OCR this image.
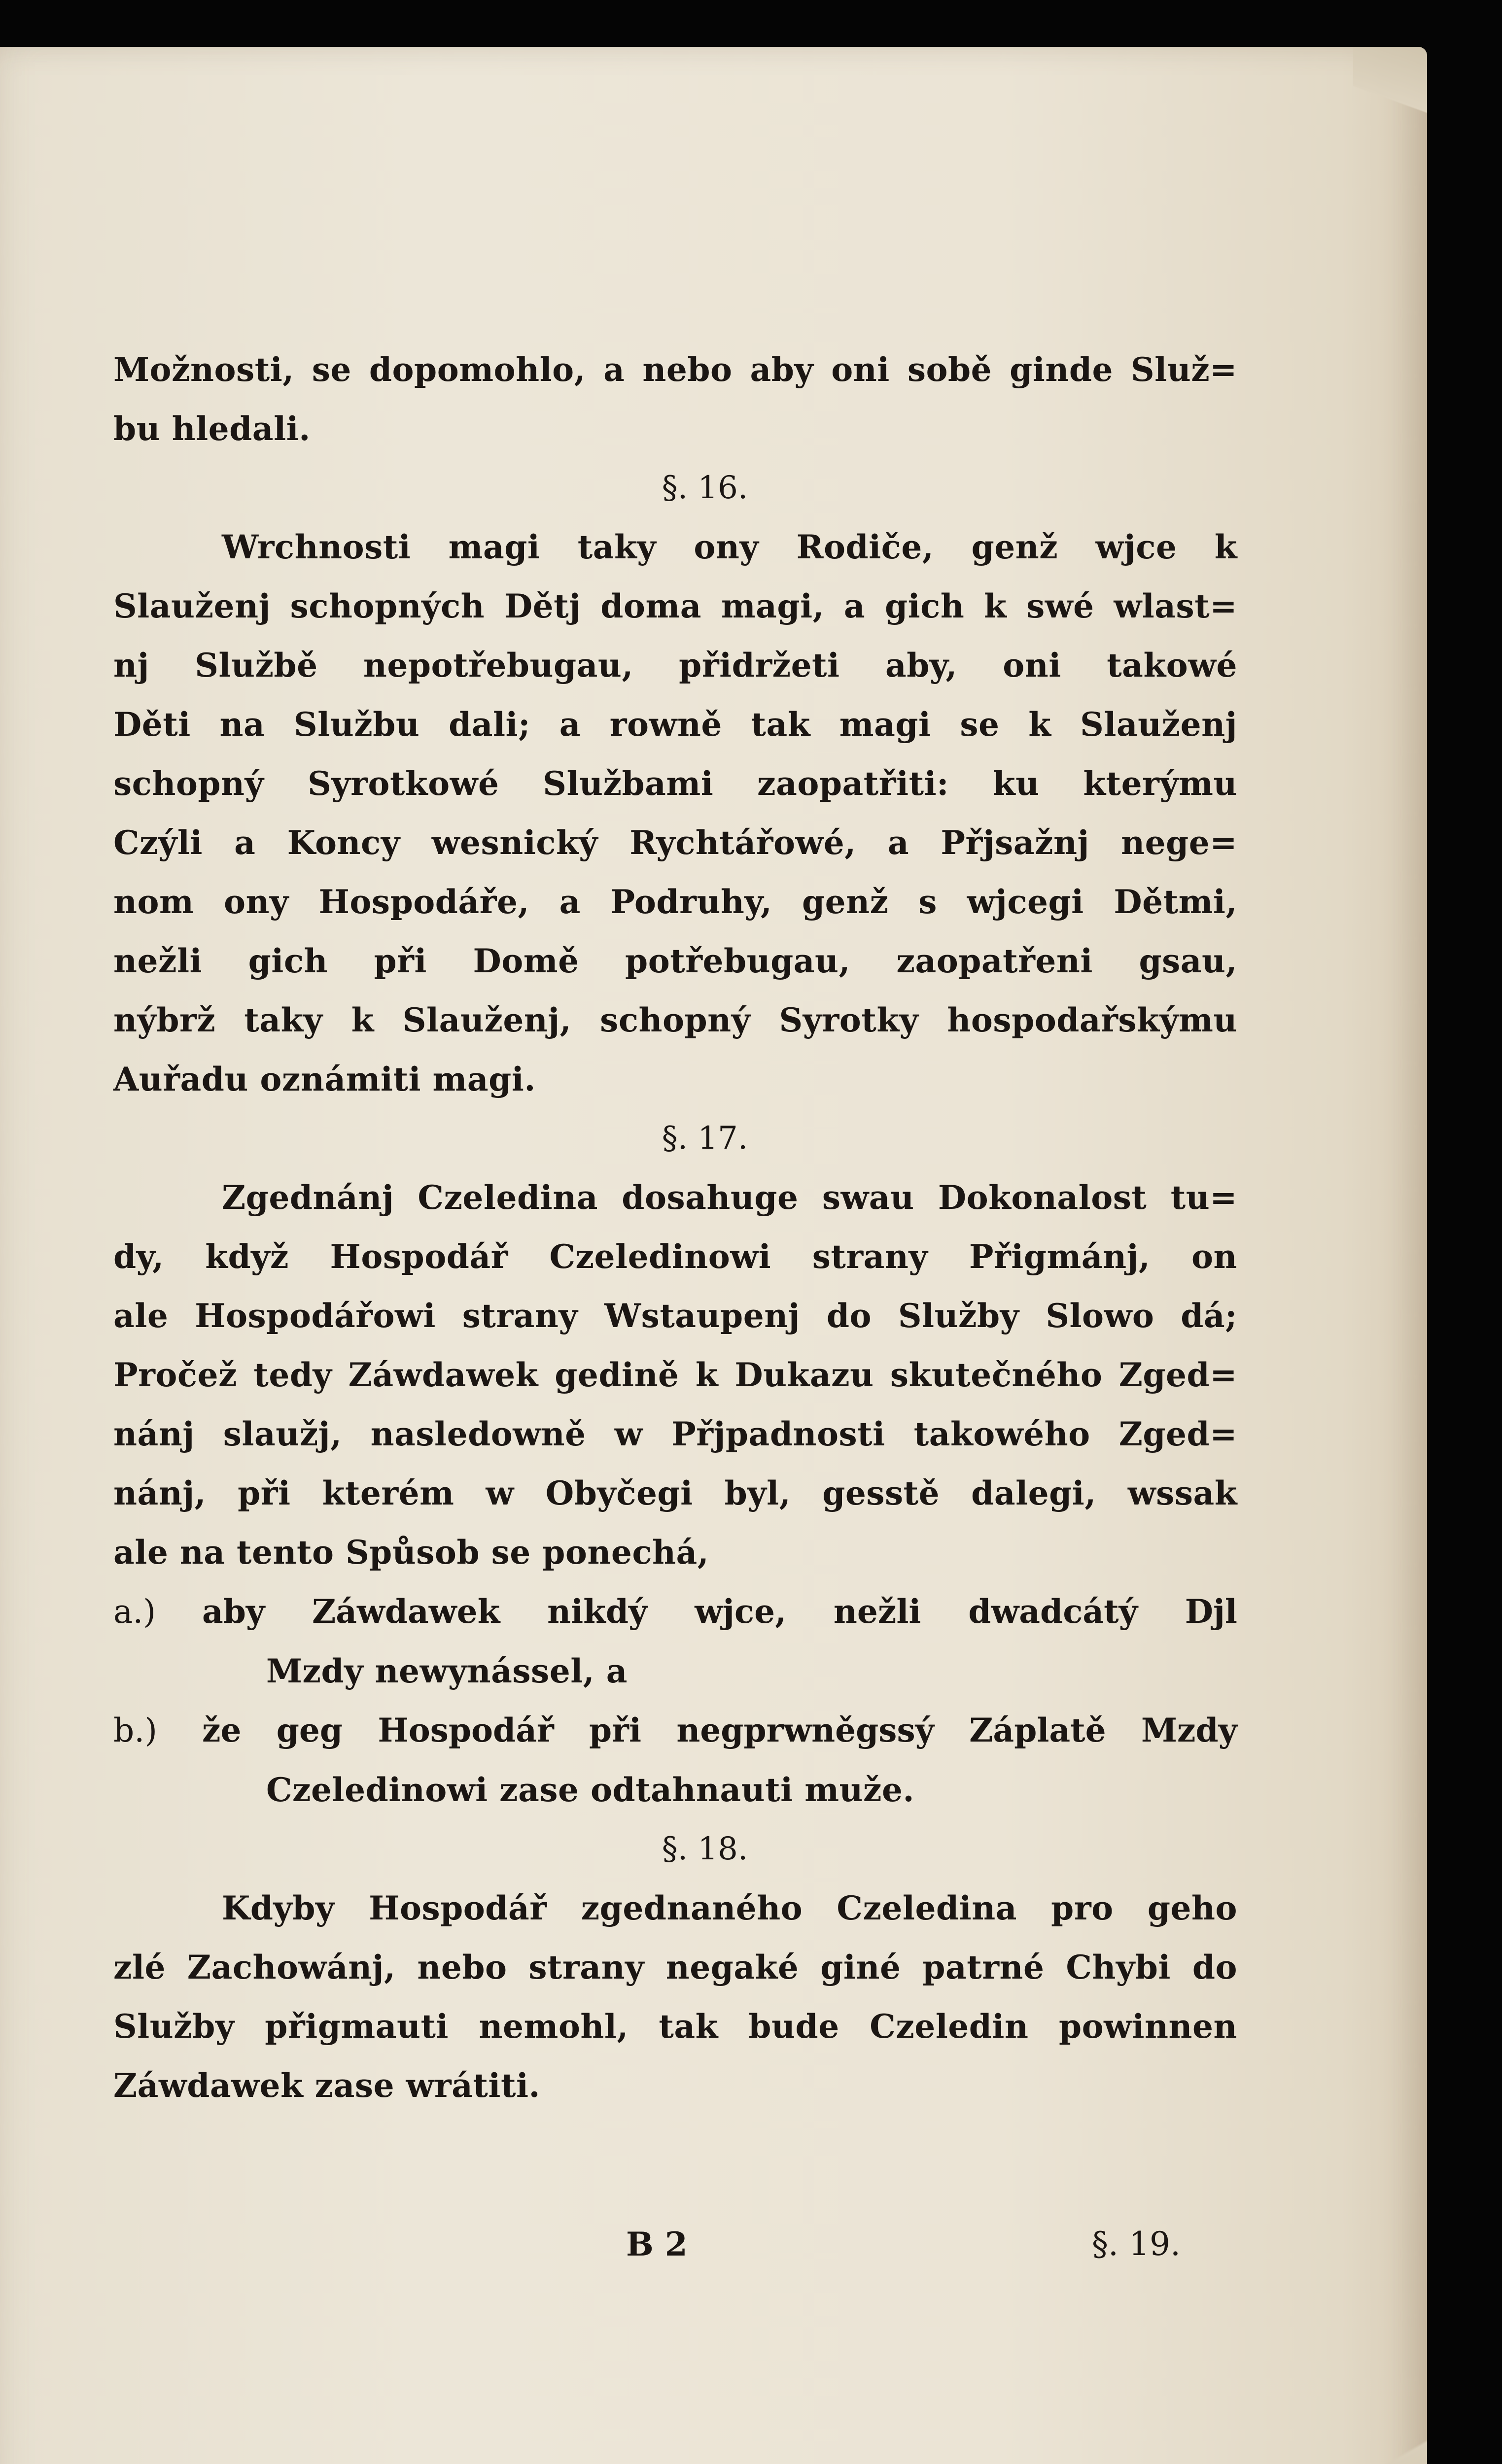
Možnosti, se dopomohlo, a nebo aby oni sobě ginde Služ=
bu hledali.
§. 16.
Wrchnosti magi taky ony Rodiče, genž wjce k
Slauženj schopných Dětj doma magi, a gich k swé wlast=
nj Službě nepotřebugau, přidržeti aby, oni takowé
Děti na Službu dali; a rowně tak magi se k Slauženj
schopný Syrotkowé Službami zaopatřiti: ku kterýmu
Czýli a Koncy wesnický Rychtářowé, a Přjsažnj nege=
nom ony Hospodáře, a Podruhy, genž s wjcegi Dětmi,
nežli gich při Domě potřebugau, zaopatřeni gsau,
nýbrž taky k Slauženj, schopný Syrotky hospodařskýmu
Auřadu oznámiti magi.
§. 17.
Zgednánj Czeledina dosahuge swau Dokonalost tu=
dy, když Hospodář Czeledinowi strany Přigmánj, on
ale Hospodářowi strany Wstaupenj do Služby Slowo dá;
Pročež tedy Záwdawek gedině k Dukazu skutečného Zged=
nánj slaužj, nasledowně w Přjpadnosti takowého Zged=
nánj, při kterém w Obyčegi byl, gesstě dalegi, wssak
ale na tento Spůsob se ponechá,
a.) aby Záwdawek nikdý wjce, nežli dwadcátý Djl
Mzdy newynássel, a
b.) že geg Hospodář při negprwněgssý Záplatě Mzdy
Czeledinowi zase odtahnauti muže.
§. 18.
Kdyby Hospodář zgednaného Czeledina pro geho
zlé Zachowánj, nebo strany negaké giné patrné Chybi do
Služby přigmauti nemohl, tak bude Czeledin powinnen
Záwdawek zase wrátiti.
B 2	§. 19.
